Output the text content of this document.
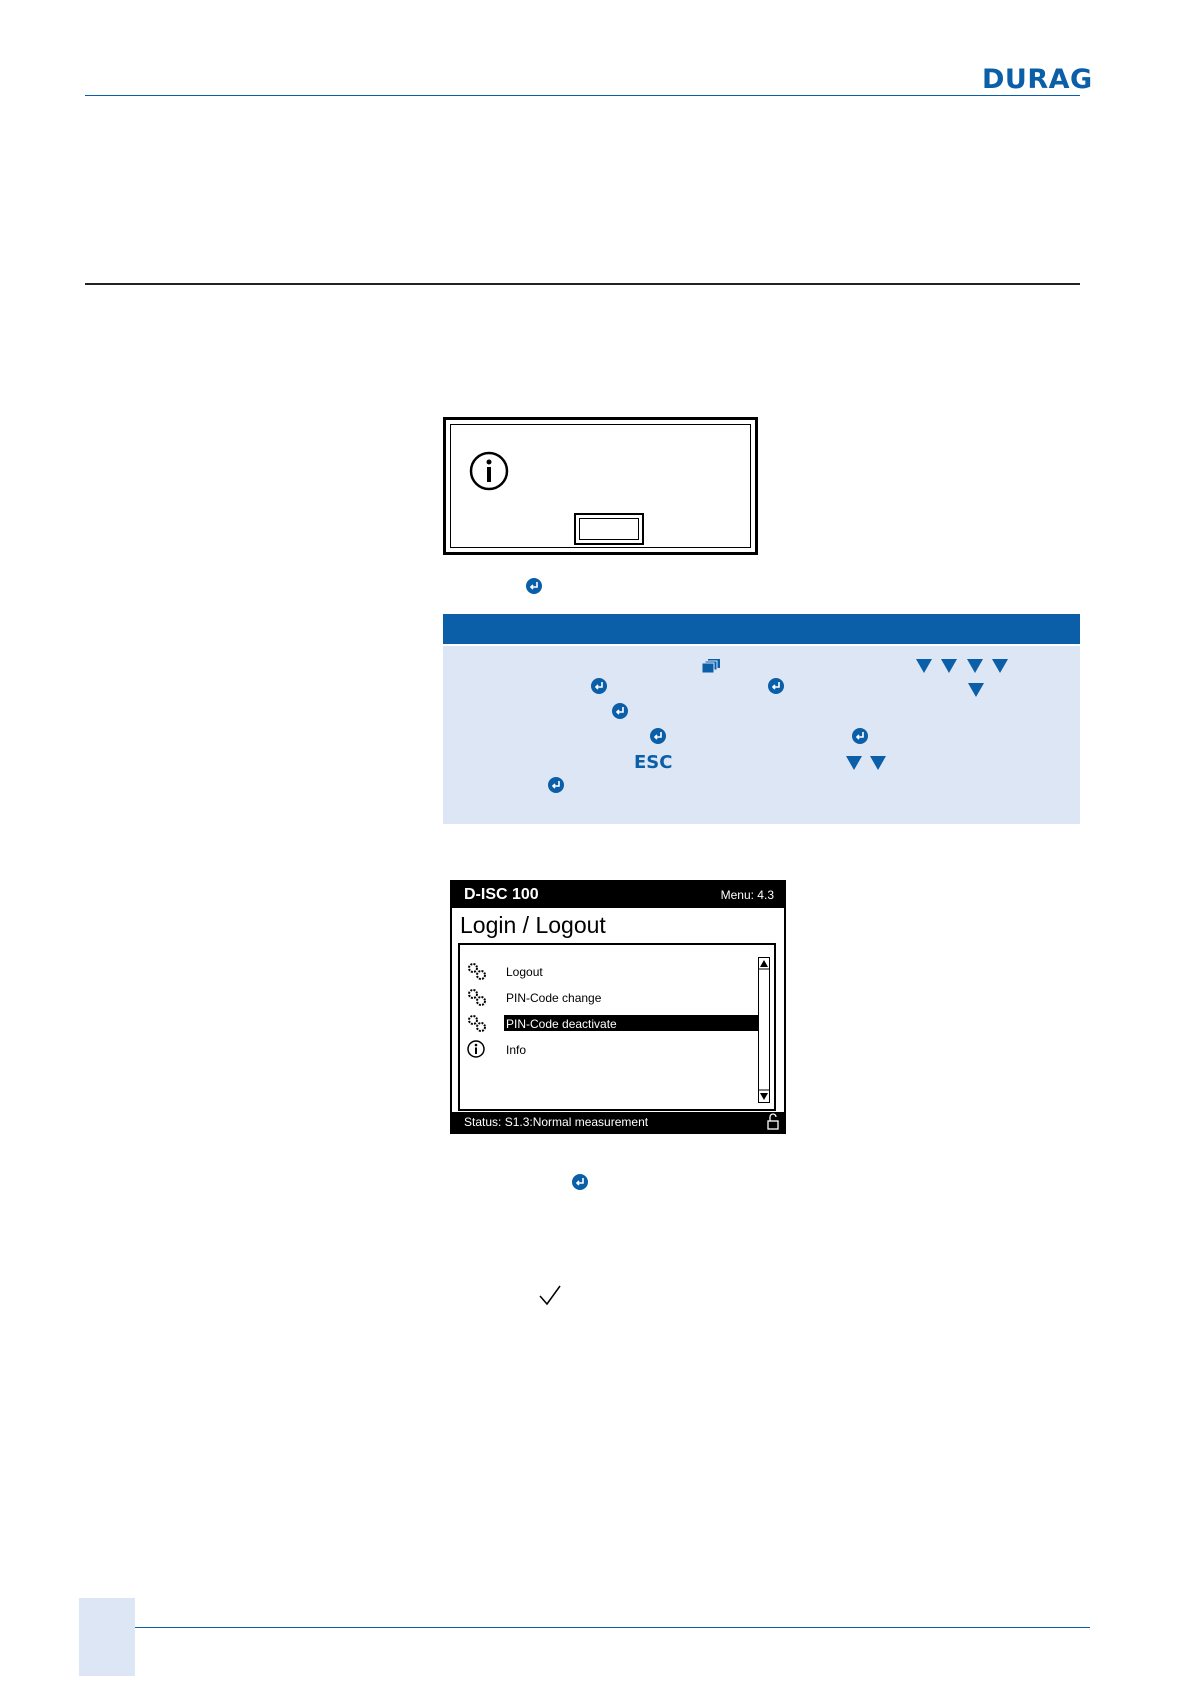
DURAG

ESC

D-ISC 100	Menu: 4.3
Login / Logout
Logout
PIN-Code change
PIN-Code deactivate
Info
Status: S1.3:Normal measurement
